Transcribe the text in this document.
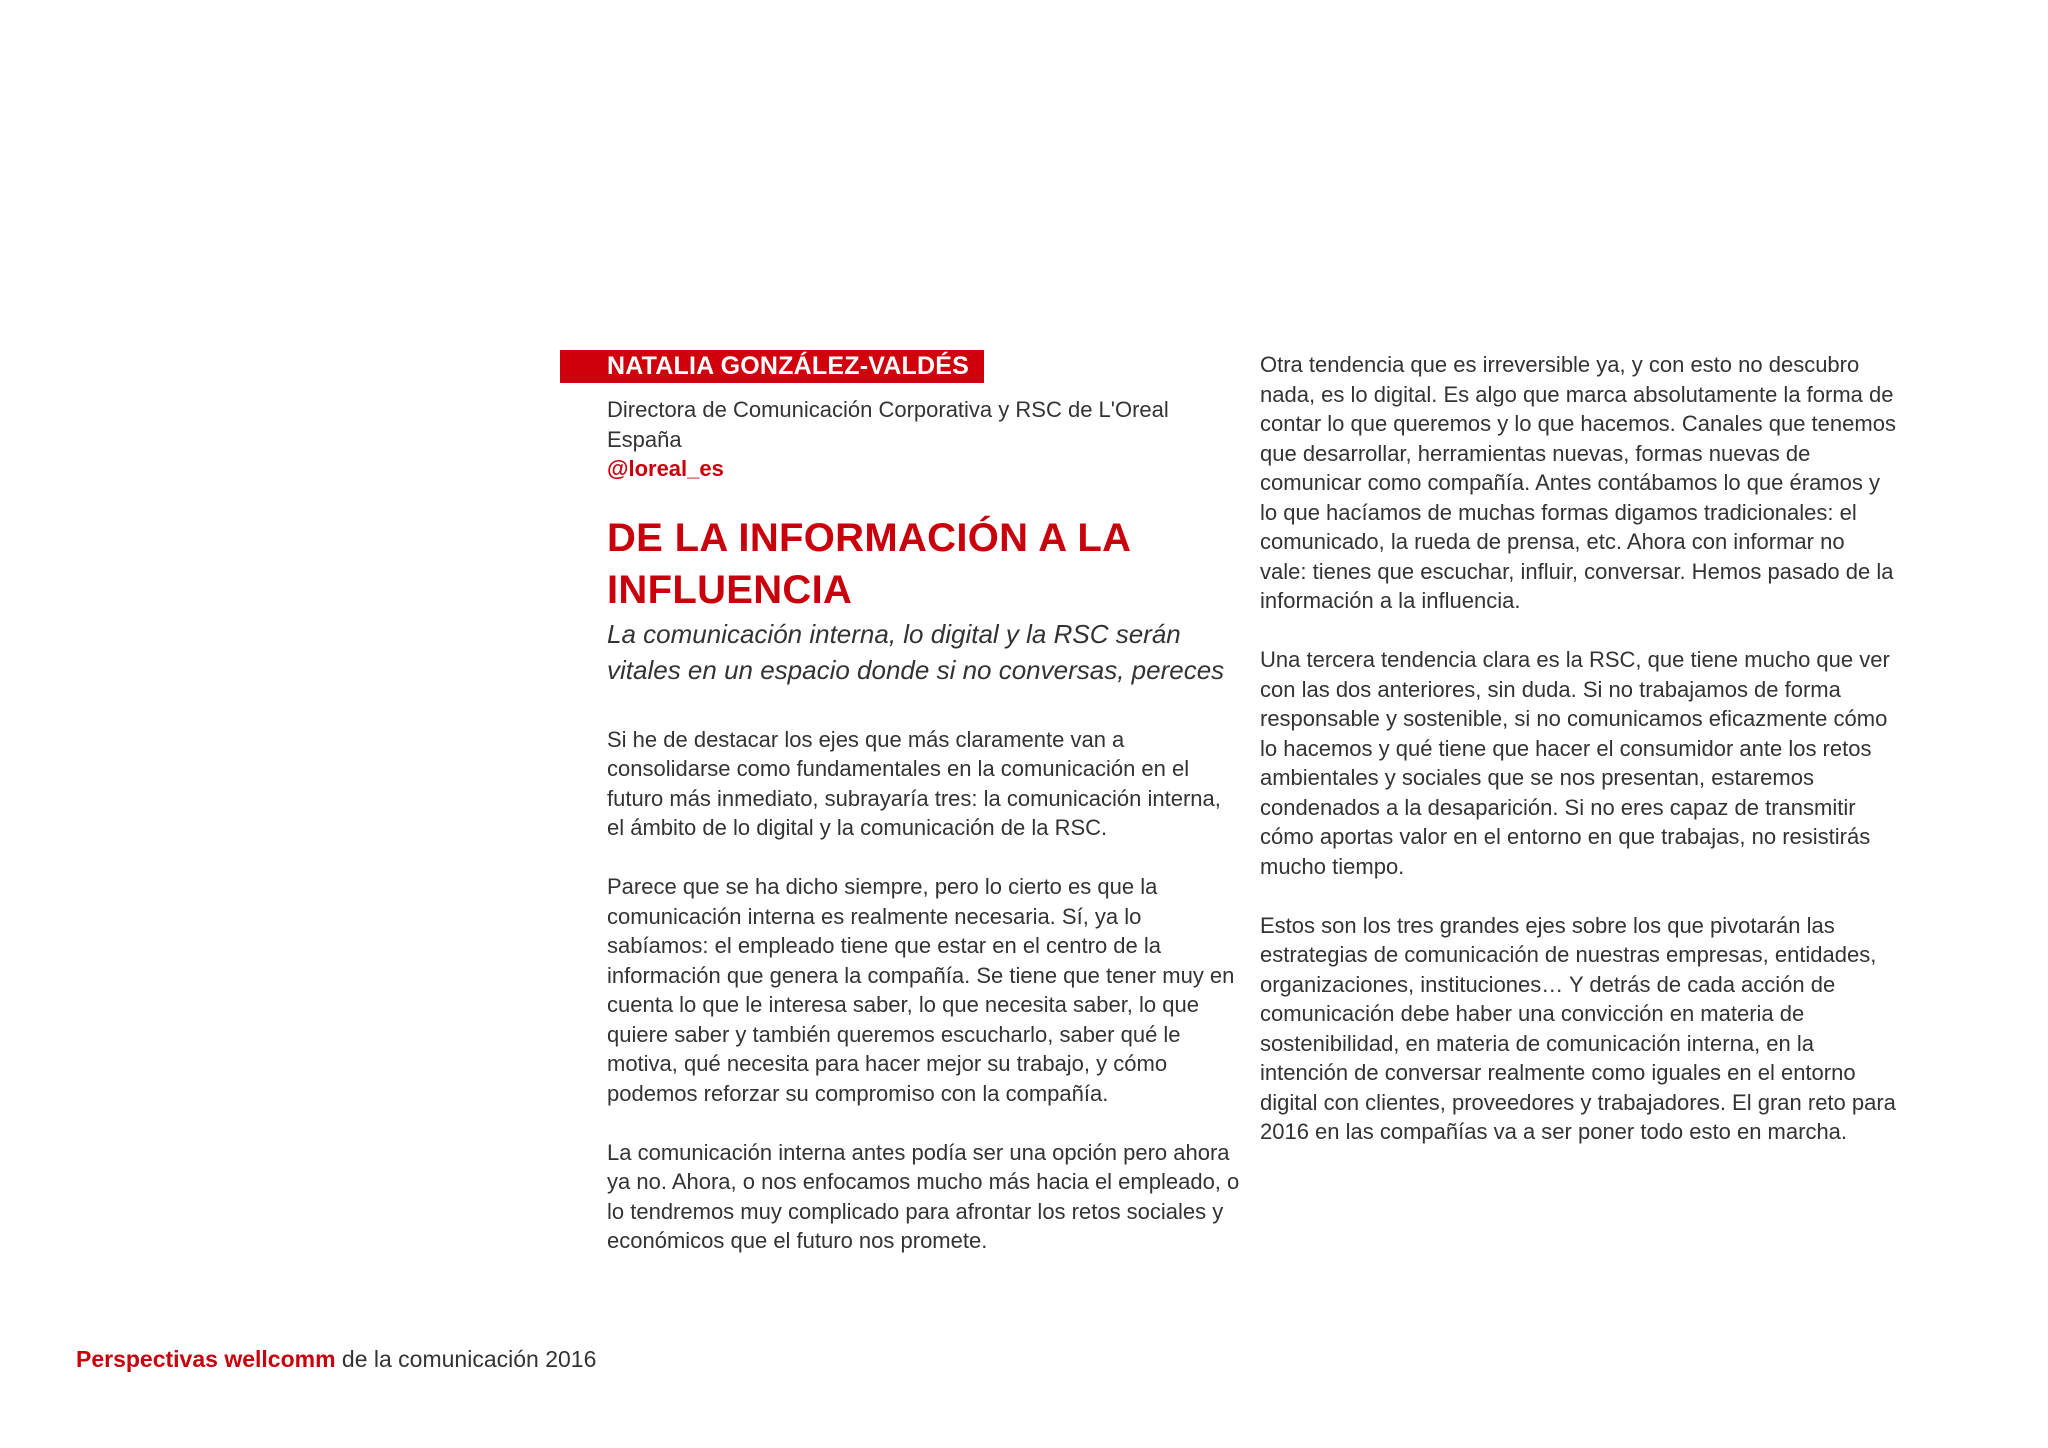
NATALIA GONZÁLEZ-VALDÉS
Directora de Comunicación Corporativa y RSC de L'Oreal España
@loreal_es
DE LA INFORMACIÓN A LA INFLUENCIA
La comunicación interna, lo digital y la RSC serán vitales en un espacio donde si no conversas, pereces

Si he de destacar los ejes que más claramente van a consolidarse como fundamentales en la comunicación en el futuro más inmediato, subrayaría tres: la comunicación interna, el ámbito de lo digital y la comunicación de la RSC.

Parece que se ha dicho siempre, pero lo cierto es que la comunicación interna es realmente necesaria. Sí, ya lo sabíamos: el empleado tiene que estar en el centro de la información que genera la compañía. Se tiene que tener muy en cuenta lo que le interesa saber, lo que necesita saber, lo que quiere saber y también queremos escucharlo, saber qué le motiva, qué necesita para hacer mejor su trabajo, y cómo podemos reforzar su compromiso con la compañía.

La comunicación interna antes podía ser una opción pero ahora ya no. Ahora, o nos enfocamos mucho más hacia el empleado, o lo tendremos muy complicado para afrontar los retos sociales y económicos que el futuro nos promete.

Otra tendencia que es irreversible ya, y con esto no descubro nada, es lo digital. Es algo que marca absolutamente la forma de contar lo que queremos y lo que hacemos. Canales que tenemos que desarrollar, herramientas nuevas, formas nuevas de comunicar como compañía. Antes contábamos lo que éramos y lo que hacíamos de muchas formas digamos tradicionales: el comunicado, la rueda de prensa, etc. Ahora con informar no vale: tienes que escuchar, influir, conversar. Hemos pasado de la información a la influencia.

Una tercera tendencia clara es la RSC, que tiene mucho que ver con las dos anteriores, sin duda. Si no trabajamos de forma responsable y sostenible, si no comunicamos eficazmente cómo lo hacemos y qué tiene que hacer el consumidor ante los retos ambientales y sociales que se nos presentan, estaremos condenados a la desaparición. Si no eres capaz de transmitir cómo aportas valor en el entorno en que trabajas, no resistirás mucho tiempo.

Estos son los tres grandes ejes sobre los que pivotarán las estrategias de comunicación de nuestras empresas, entidades, organizaciones, instituciones… Y detrás de cada acción de comunicación debe haber una convicción en materia de sostenibilidad, en materia de comunicación interna, en la intención de conversar realmente como iguales en el entorno digital con clientes, proveedores y trabajadores. El gran reto para 2016 en las compañías va a ser poner todo esto en marcha.

Perspectivas wellcomm de la comunicación 2016
